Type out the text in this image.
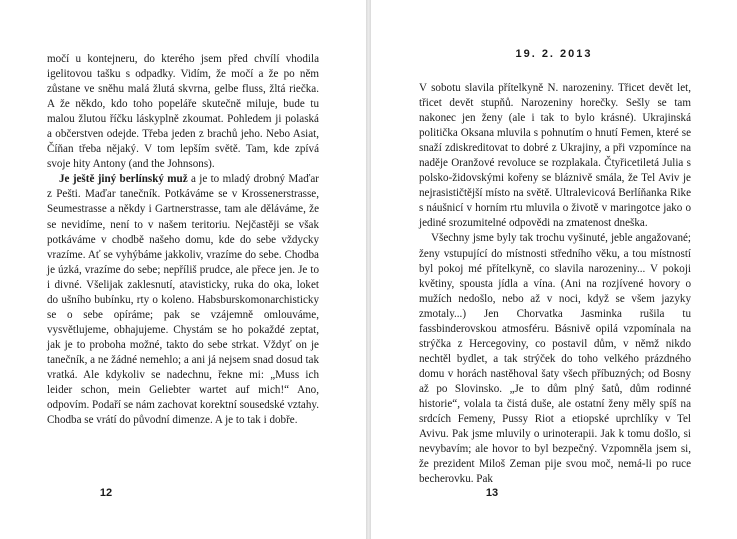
močí u kontejneru, do kterého jsem před chvílí vhodila igelitovou tašku s odpadky. Vidím, že močí a že po něm zůstane ve sněhu malá žlutá skvrna, gelbe fluss, žltá riečka. A že někdo, kdo toho popeláře skutečně miluje, bude tu malou žlutou říčku láskyplně zkoumat. Pohledem ji polaská a občerstven odejde. Třeba jeden z brachů jeho. Nebo Asiat, Číňan třeba nějaký. V tom lepším světě. Tam, kde zpívá svoje hity Antony (and the Johnsons).

Je ještě jiný berlínský muž a je to mladý drobný Maďar z Pešti. Maďar tanečník. Potkáváme se v Krossenerstrasse, Seumestrasse a někdy i Gartnerstrasse, tam ale děláváme, že se nevidíme, není to v našem teritoriu. Nejčastěji se však potkáváme v chodbě našeho domu, kde do sebe vždycky vrazíme. Ať se vyhýbáme jakkoliv, vrazíme do sebe. Chodba je úzká, vrazíme do sebe; nepříliš prudce, ale přece jen. Je to i divné. Všelijak zaklesnutí, atavisticky, ruka do oka, loket do ušního bubínku, rty o koleno. Habsburskomonarchisticky se o sebe opíráme; pak se vzájemně omlouváme, vysvětlujeme, obhajujeme. Chystám se ho pokaždé zeptat, jak je to probohа možné, takto do sebe strkat. Vždyť on je tanečník, a ne žádné nemehlo; a ani já nejsem snad dosud tak vratká. Ale kdykoliv se nadechnu, řekne mi: „Muss ich leider schon, mein Geliebter wartet auf mich!“ Ano, odpovím. Podaří se nám zachovat korektní sousedské vztahy. Chodba se vrátí do původní dimenze. A je to tak i dobře.

12
19. 2. 2013

V sobotu slavila přítelkyně N. narozeniny. Třicet devět let, třicet devět stupňů. Narozeniny horečky. Sešly se tam nakonec jen ženy (ale i tak to bylo krásné). Ukrajinská politička Oksana mluvila s pohnutím o hnutí Femen, které se snaží zdiskreditovat to dobré z Ukrajiny, a při vzpomínce na naděje Oranžové revoluce se rozplakala. Čtyřicetiletá Julia s polsko-židovskými kořeny se bláznivě smála, že Tel Aviv je nejrasističtější místo na světě. Ultralevicová Berlíňanka Rike s náušnicí v horním rtu mluvila o životě v maringotce jako o jediné srozumitelné odpovědi na zmatenost dneška.

Všechny jsme byly tak trochu vyšinuté, jeble angažované; ženy vstupující do místnosti středního věku, a tou místností byl pokoj mé přítelkyně, co slavila narozeniny... V pokoji květiny, spousta jídla a vína. (Ani na rozjívené hovory o mužích nedošlo, nebo až v noci, když se všem jazyky zmotaly...) Jen Chorvatka Jasminka rušila tu fassbinderovskou atmosféru. Básnivě opilá vzpomínala na strýčka z Hercegoviny, co postavil dům, v němž nikdo nechtěl bydlet, a tak strýček do toho velkého prázdného domu v horách nastěhoval šaty všech příbuzných; od Bosny až po Slovinsko. „Je to dům plný šatů, dům rodinné historie“, volala ta čistá duše, ale ostatní ženy měly spíš na srdcích Femeny, Pussy Riot a etiopské uprchlíky v Tel Avivu. Pak jsme mluvily o urinoterapii. Jak k tomu došlo, si nevybavím; ale hovor to byl bezpečný. Vzpomněla jsem si, že prezident Miloš Zeman pije svou moč, nemá-li po ruce becherovku. Pak

13
